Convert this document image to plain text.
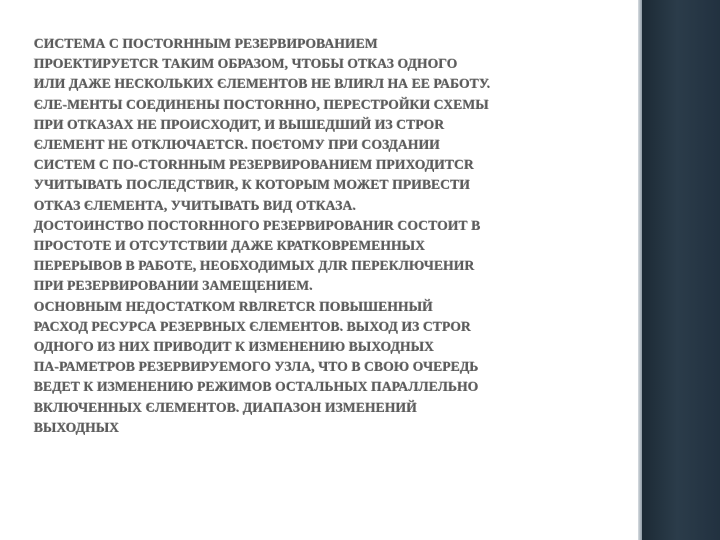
СИСТЕМА С ПОСТОRННЫМ РЕЗЕРВИРОВАНИЕМ
ПРОЕКТИРУЕТСR ТАКИМ ОБРАЗОМ, ЧТОБЫ ОТКАЗ ОДНОГО
ИЛИ ДАЖЕ НЕСКОЛЬКИХ ЄЛЕМЕНТОВ НЕ ВЛИRЛ НА ЕЕ РАБОТУ.
ЄЛЕ-МЕНТЫ СОЕДИНЕНЫ ПОСТОRННО, ПЕРЕСТРОЙКИ СХЕМЫ
ПРИ ОТКАЗАХ НЕ ПРОИСХОДИТ, И ВЫШЕДШИЙ ИЗ СТРОR
ЄЛЕМЕНТ НЕ ОТКЛЮЧАЕТСR. ПОЄТОМУ ПРИ СОЗДАНИИ
СИСТЕМ С ПО-СТОRННЫМ РЕЗЕРВИРОВАНИЕМ ПРИХОДИТСR
УЧИТЫВАТЬ ПОСЛЕДСТВИR, К КОТОРЫМ МОЖЕТ ПРИВЕСТИ
ОТКАЗ ЄЛЕМЕНТА, УЧИТЫВАТЬ ВИД ОТКАЗА.
ДОСТОИНСТВО ПОСТОRННОГО РЕЗЕРВИРОВАНИR СОСТОИТ В
ПРОСТОТЕ И ОТСУТСТВИИ ДАЖЕ КРАТКОВРЕМЕННЫХ
ПЕРЕРЫВОВ В РАБОТЕ, НЕОБХОДИМЫХ ДЛR ПЕРЕКЛЮЧЕНИR
ПРИ РЕЗЕРВИРОВАНИИ ЗАМЕЩЕНИЕМ.
ОСНОВНЫМ НЕДОСТАТКОМ RВЛRЕТСR ПОВЫШЕННЫЙ
РАСХОД РЕСУРСА РЕЗЕРВНЫХ ЄЛЕМЕНТОВ. ВЫХОД ИЗ СТРОR
ОДНОГО ИЗ НИХ ПРИВОДИТ К ИЗМЕНЕНИЮ ВЫХОДНЫХ
ПА-РАМЕТРОВ РЕЗЕРВИРУЕМОГО УЗЛА, ЧТО В СВОЮ ОЧЕРЕДЬ
ВЕДЕТ К ИЗМЕНЕНИЮ РЕЖИМОВ ОСТАЛЬНЫХ ПАРАЛЛЕЛЬНО
ВКЛЮЧЕННЫХ ЄЛЕМЕНТОВ. ДИАПАЗОН ИЗМЕНЕНИЙ
ВЫХОДНЫХ
